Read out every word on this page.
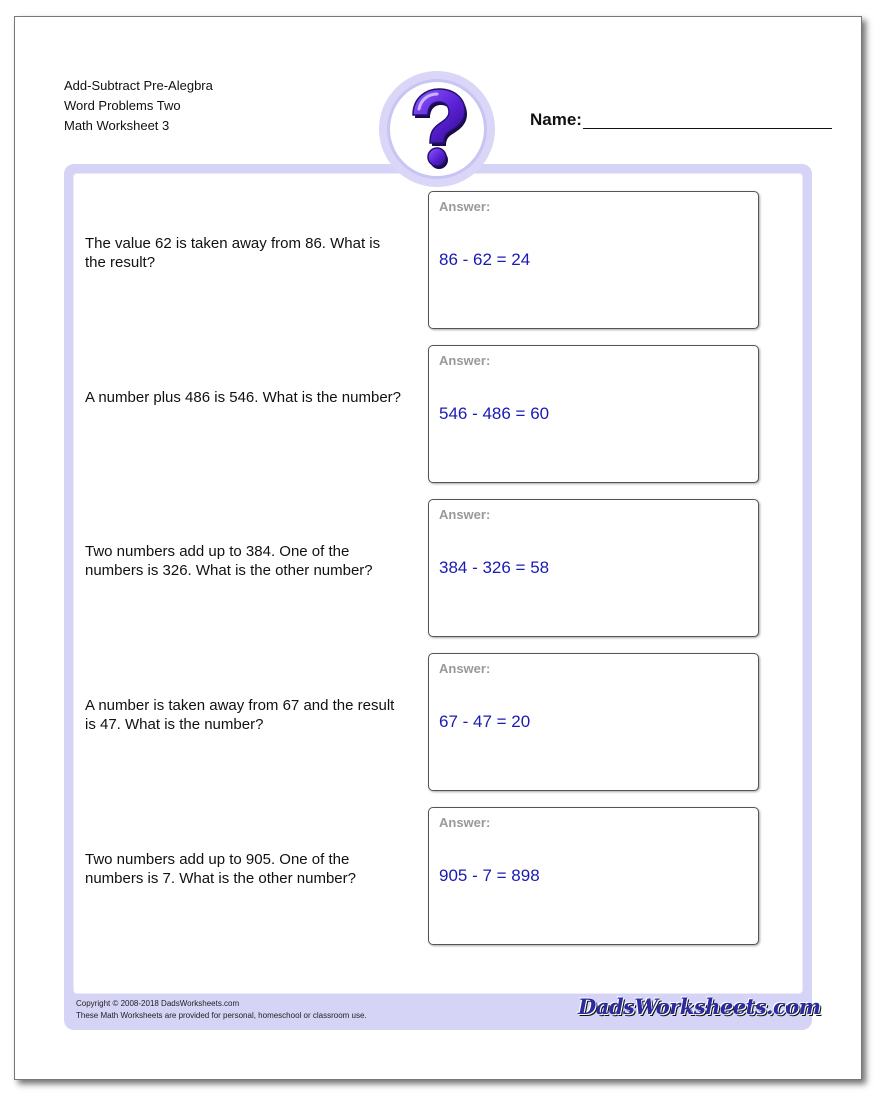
Add-Subtract Pre-Alegbra
Word Problems Two
Math Worksheet 3	Name:
The value 62 is taken away from 86. What is the result?
Answer:
86 - 62 = 24
A number plus 486 is 546. What is the number?
Answer:
546 - 486 = 60
Two numbers add up to 384. One of the numbers is 326. What is the other number?
Answer:
384 - 326 = 58
A number is taken away from 67 and the result is 47. What is the number?
Answer:
67 - 47 = 20
Two numbers add up to 905. One of the numbers is 7. What is the other number?
Answer:
905 - 7 = 898
Copyright © 2008-2018 DadsWorksheets.com
These Math Worksheets are provided for personal, homeschool or classroom use.	DadsWorksheets.com
